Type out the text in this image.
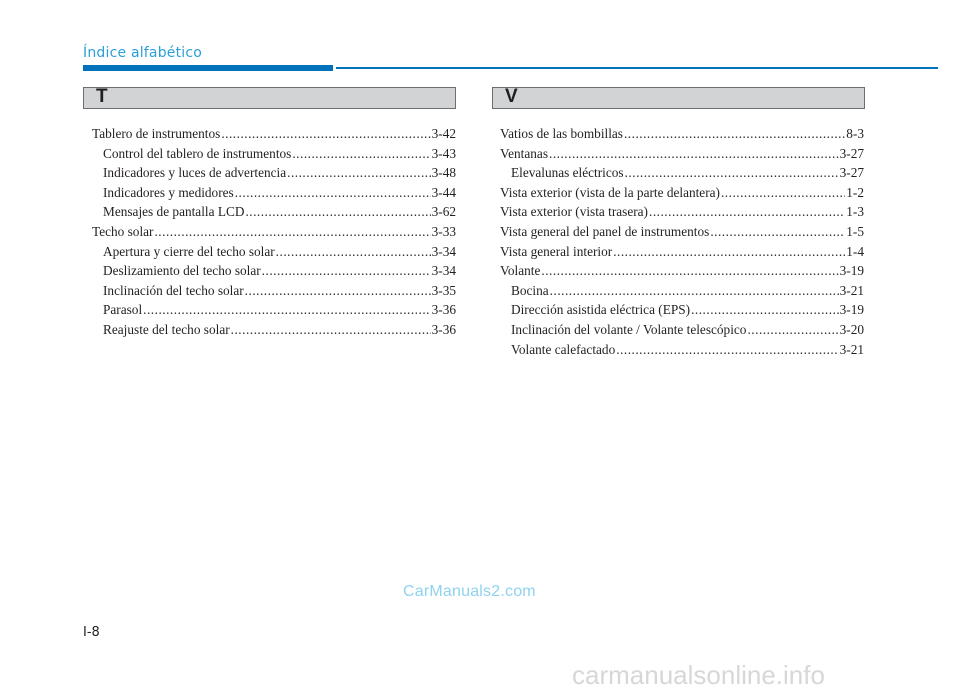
Índice alfabético
T	V
Tablero de instrumentos .....	3-42
Control del tablero de instrumentos .....	3-43
Indicadores y luces de advertencia .....	3-48
Indicadores y medidores .....	3-44
Mensajes de pantalla LCD .....	3-62
Techo solar .....	3-33
Apertura y cierre del techo solar .....	3-34
Deslizamiento del techo solar .....	3-34
Inclinación del techo solar .....	3-35
Parasol .....	3-36
Reajuste del techo solar .....	3-36
Vatios de las bombillas .....	8-3
Ventanas .....	3-27
Elevalunas eléctricos .....	3-27
Vista exterior (vista de la parte delantera) .....	1-2
Vista exterior (vista trasera) .....	1-3
Vista general del panel de instrumentos .....	1-5
Vista general interior .....	1-4
Volante .....	3-19
Bocina .....	3-21
Dirección asistida eléctrica (EPS) .....	3-19
Inclinación del volante / Volante telescópico .....	3-20
Volante calefactado .....	3-21
I-8
CarManuals2.com
carmanualsonline.info
